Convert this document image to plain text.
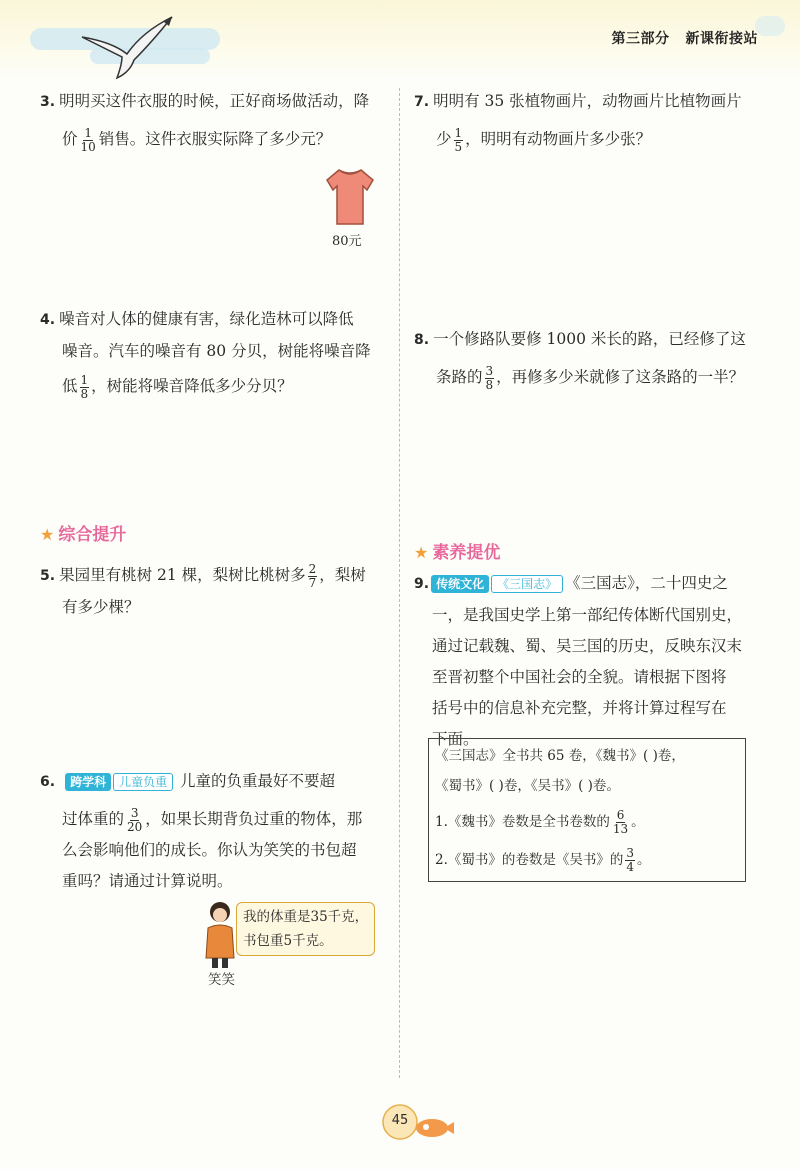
第三部分 新课衔接站
3. 明明买这件衣服的时候，正好商场做活动，降
价 $\frac{1}{10}$ 销售。这件衣服实际降了多少元？
80元
4. 噪音对人体的健康有害，绿化造林可以降低
噪音。汽车的噪音有 80 分贝，树能将噪音降
低 $\frac{1}{8}$ ，树能将噪音降低多少分贝？
★ 综合提升
5. 果园里有桃树 21 棵，梨树比桃树多 $\frac{2}{7}$ ，梨树
有多少棵？
6. 跨学科 儿童负重 儿童的负重最好不要超
过体重的 $\frac{3}{20}$ ，如果长期背负过重的物体，那
么会影响他们的成长。你认为笑笑的书包超
重吗？请通过计算说明。
我的体重是35千克，
书包重5千克。
笑笑
7. 明明有 35 张植物画片，动物画片比植物画片
少 $\frac{1}{5}$ ，明明有动物画片多少张？
8. 一个修路队要修 1000 米长的路，已经修了这
条路的 $\frac{3}{8}$ ，再修多少米就修了这条路的一半？
★ 素养提优
9. 传统文化 《三国志》 《三国志》，二十四史之
一，是我国史学上第一部纪传体断代国别史，
通过记载魏、蜀、吴三国的历史，反映东汉末
至晋初整个中国社会的全貌。请根据下图将
括号中的信息补充完整，并将计算过程写在
下面。
《三国志》全书共 65 卷，《魏书》( )卷，
《蜀书》( )卷，《吴书》( )卷。
1.《魏书》卷数是全书卷数的 $\frac{6}{13}$ 。
2.《蜀书》的卷数是《吴书》的 $\frac{3}{4}$ 。
45
